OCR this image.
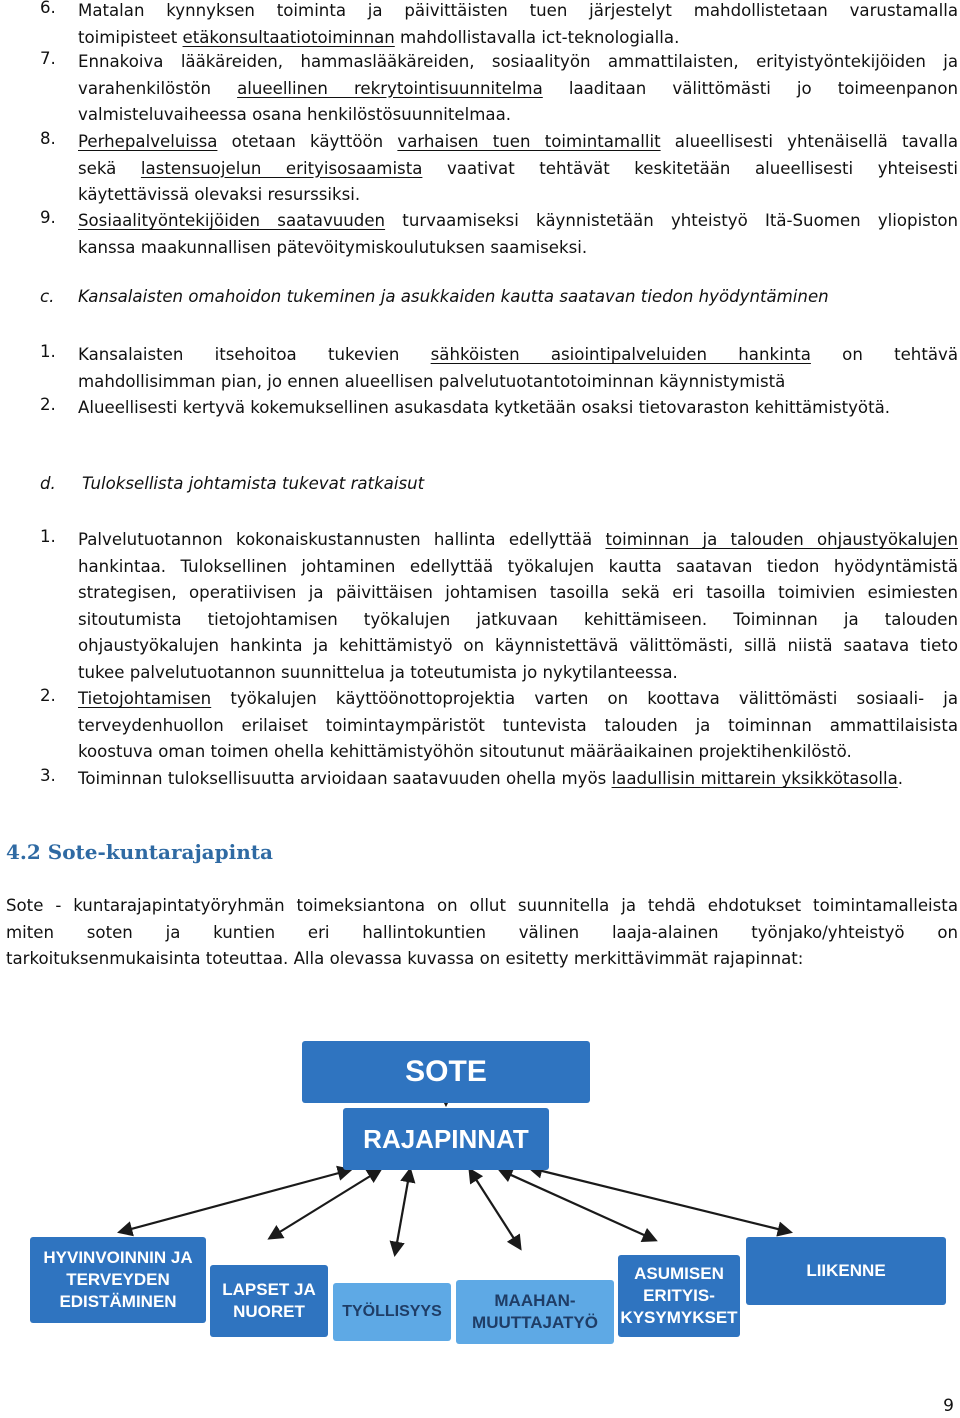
6.	Matalan kynnyksen toiminta ja päivittäisten tuen järjestelyt mahdollistetaan varustamalla
toimipisteet etäkonsultaatiotoiminnan mahdollistavalla ict-teknologialla.
7.	Ennakoiva lääkäreiden, hammaslääkäreiden, sosiaalityön ammattilaisten, erityistyöntekijöiden ja
varahenkilöstön alueellinen rekrytointisuunnitelma laaditaan välittömästi jo toimeenpanon
valmisteluvaiheessa osana henkilöstösuunnitelmaa.
8.	Perhepalveluissa otetaan käyttöön varhaisen tuen toimintamallit alueellisesti yhtenäisellä tavalla
sekä lastensuojelun erityisosaamista vaativat tehtävät keskitetään alueellisesti yhteisesti
käytettävissä olevaksi resurssiksi.
9.	Sosiaalityöntekijöiden saatavuuden turvaamiseksi käynnistetään yhteistyö Itä-Suomen yliopiston
kanssa maakunnallisen pätevöitymiskoulutuksen saamiseksi.
c.	Kansalaisten omahoidon tukeminen ja asukkaiden kautta saatavan tiedon hyödyntäminen
1.	Kansalaisten itsehoitoa tukevien sähköisten asiointipalveluiden hankinta on tehtävä
mahdollisimman pian, jo ennen alueellisen palvelutuotantotoiminnan käynnistymistä
2.	Alueellisesti kertyvä kokemuksellinen asukasdata kytketään osaksi tietovaraston kehittämistyötä.
d.	Tuloksellista johtamista tukevat ratkaisut
1.	Palvelutuotannon kokonaiskustannusten hallinta edellyttää toiminnan ja talouden ohjaustyökalujen
hankintaa. Tuloksellinen johtaminen edellyttää työkalujen kautta saatavan tiedon hyödyntämistä
strategisen, operatiivisen ja päivittäisen johtamisen tasoilla sekä eri tasoilla toimivien esimiesten
sitoutumista tietojohtamisen työkalujen jatkuvaan kehittämiseen. Toiminnan ja talouden
ohjaustyökalujen hankinta ja kehittämistyö on käynnistettävä välittömästi, sillä niistä saatava tieto
tukee palvelutuotannon suunnittelua ja toteutumista jo nykytilanteessa.
2.	Tietojohtamisen työkalujen käyttöönottoprojektia varten on koottava välittömästi sosiaali- ja
terveydenhuollon erilaiset toimintaympäristöt tuntevista talouden ja toiminnan ammattilaisista
koostuva oman toimen ohella kehittämistyöhön sitoutunut määräaikainen projektihenkilöstö.
3.	Toiminnan tuloksellisuutta arvioidaan saatavuuden ohella myös laadullisin mittarein yksikkötasolla.
4.2 Sote-kuntarajapinta
Sote - kuntarajapintatyöryhmän toimeksiantona on ollut suunnitella ja tehdä ehdotukset toimintamalleista
miten soten ja kuntien eri hallintokuntien välinen laaja-alainen työnjako/yhteistyö on
tarkoituksenmukaisinta toteuttaa. Alla olevassa kuvassa on esitetty merkittävimmät rajapinnat:
SOTE
RAJAPINNAT
HYVINVOINNIN JA TERVEYDEN EDISTÄMINEN
LAPSET JA NUORET	TYÖLLISYYS
MAAHAN-MUUTTAJATYÖ
ASUMISEN ERITYIS-KYSYMYKSET
LIIKENNE
9
